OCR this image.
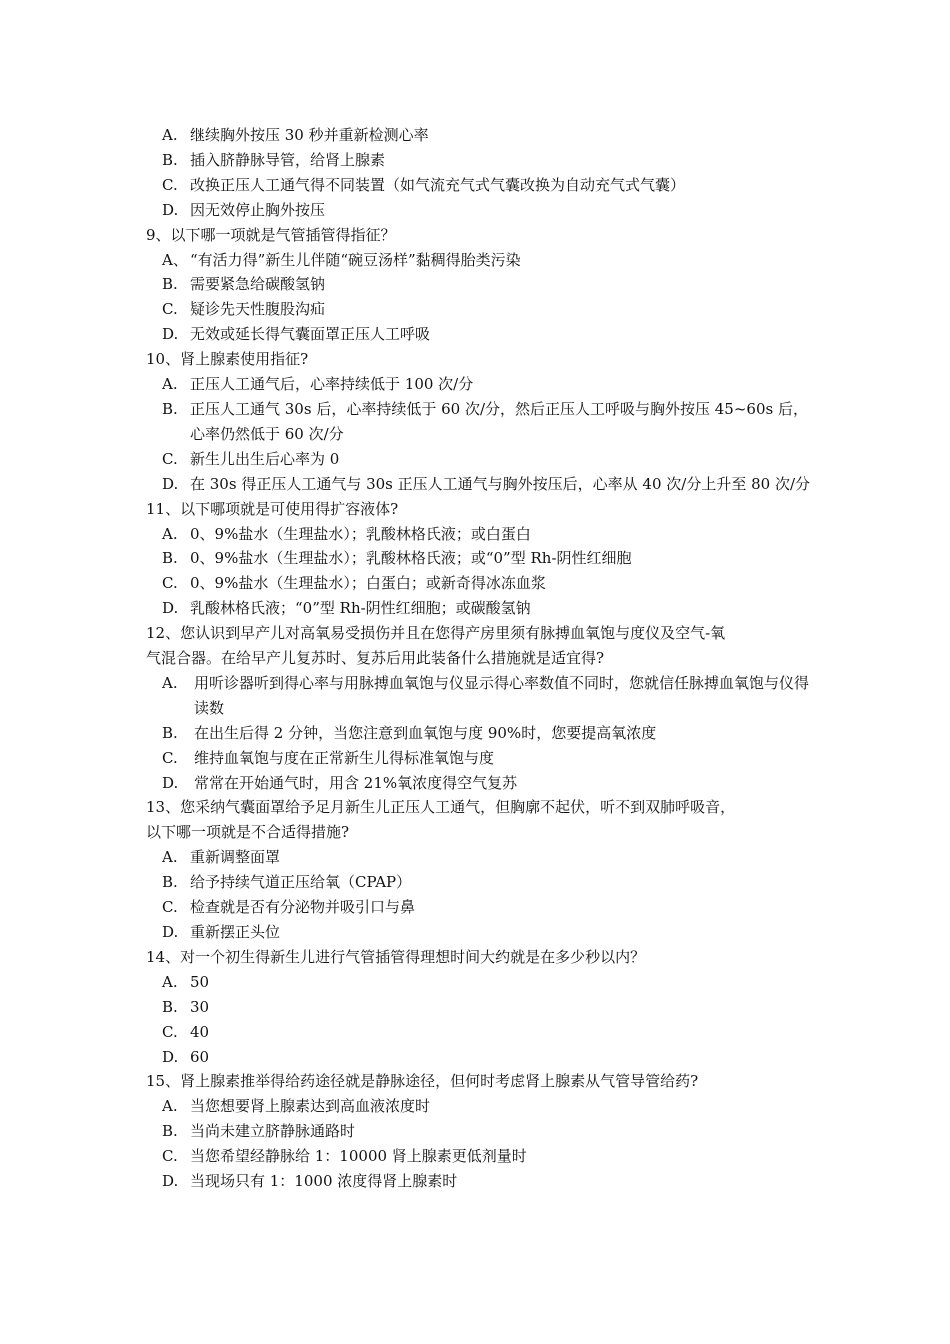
A. 继续胸外按压 30 秒并重新检测心率
B. 插入脐静脉导管，给肾上腺素
C. 改换正压人工通气得不同装置（如气流充气式气囊改换为自动充气式气囊）
D. 因无效停止胸外按压
9、以下哪一项就是气管插管得指征？
A、 “有活力得”新生儿伴随“碗豆汤样”黏稠得胎类污染
B. 需要紧急给碳酸氢钠
C. 疑诊先天性腹股沟疝
D. 无效或延长得气囊面罩正压人工呼吸
10、肾上腺素使用指征?
A. 正压人工通气后，心率持续低于 100 次/分
B. 正压人工通气 30s 后，心率持续低于 60 次/分，然后正压人工呼吸与胸外按压 45~60s 后，心率仍然低于 60 次/分
C. 新生儿出生后心率为 0
D. 在 30s 得正压人工通气与 30s 正压人工通气与胸外按压后，心率从 40 次/分上升至 80 次/分
11、以下哪项就是可使用得扩容液体?
A. 0、9%盐水（生理盐水）；乳酸林格氏液；或白蛋白
B. 0、9%盐水（生理盐水）；乳酸林格氏液；或“0”型 Rh-阴性红细胞
C. 0、9%盐水（生理盐水）；白蛋白；或新奇得冰冻血浆
D. 乳酸林格氏液；“0”型 Rh-阴性红细胞；或碳酸氢钠
12、您认识到早产儿对高氧易受损伤并且在您得产房里须有脉搏血氧饱与度仪及空气-氧
气混合器。在给早产儿复苏时、复苏后用此装备什么措施就是适宜得?
A.	用听诊器听到得心率与用脉搏血氧饱与仪显示得心率数值不同时，您就信任脉搏血氧饱与仪得读数
B.	在出生后得 2 分钟，当您注意到血氧饱与度 90%时，您要提高氧浓度
C.	维持血氧饱与度在正常新生儿得标准氧饱与度
D.	常常在开始通气时，用含 21%氧浓度得空气复苏
13、您采纳气囊面罩给予足月新生儿正压人工通气，但胸廓不起伏，听不到双肺呼吸音，
以下哪一项就是不合适得措施?
A. 重新调整面罩
B. 给予持续气道正压给氧（CPAP）
C. 检查就是否有分泌物并吸引口与鼻
D. 重新摆正头位
14、对一个初生得新生儿进行气管插管得理想时间大约就是在多少秒以内？
A. 50
B. 30
C. 40
D. 60
15、肾上腺素推举得给药途径就是静脉途径，但何时考虑肾上腺素从气管导管给药?
A. 当您想要肾上腺素达到高血液浓度时
B. 当尚未建立脐静脉通路时
C. 当您希望经静脉给 1：10000 肾上腺素更低剂量时
D. 当现场只有 1：1000 浓度得肾上腺素时
